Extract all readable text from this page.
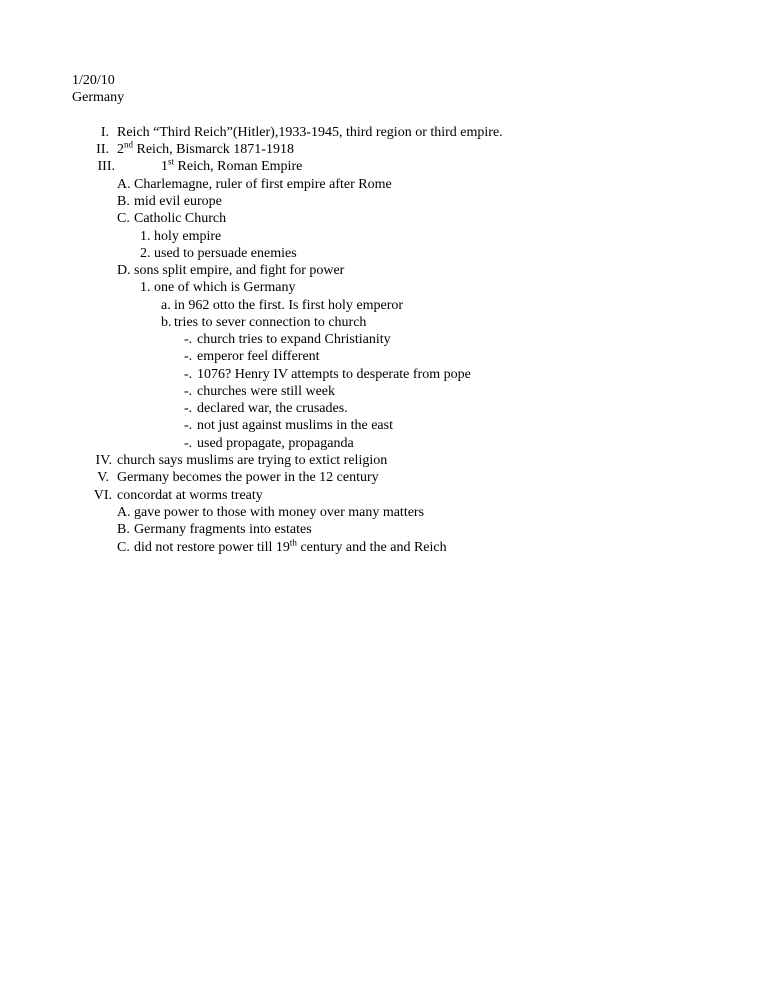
1/20/10
Germany
I. Reich “Third Reich”(Hitler),1933-1945, third region or third empire.
II. 2nd Reich, Bismarck 1871-1918
III.	1st Reich, Roman Empire
A. Charlemagne, ruler of first empire after Rome
B. mid evil europe
C. Catholic Church
1. holy empire
2. used to persuade enemies
D. sons split empire, and fight for power
1. one of which is Germany
a. in 962 otto the first. Is first holy emperor
b. tries to sever connection to church
-. church tries to expand Christianity
-. emperor feel different
-. 1076? Henry IV attempts to desperate from pope
-. churches were still week
-. declared war, the crusades.
-. not just against muslims in the east
-. used propagate, propaganda
IV. church says muslims are trying to extict religion
V. Germany becomes the power in the 12 century
VI. concordat at worms treaty
A. gave power to those with money over many matters
B. Germany fragments into estates
C. did not restore power till 19th century and the and Reich
